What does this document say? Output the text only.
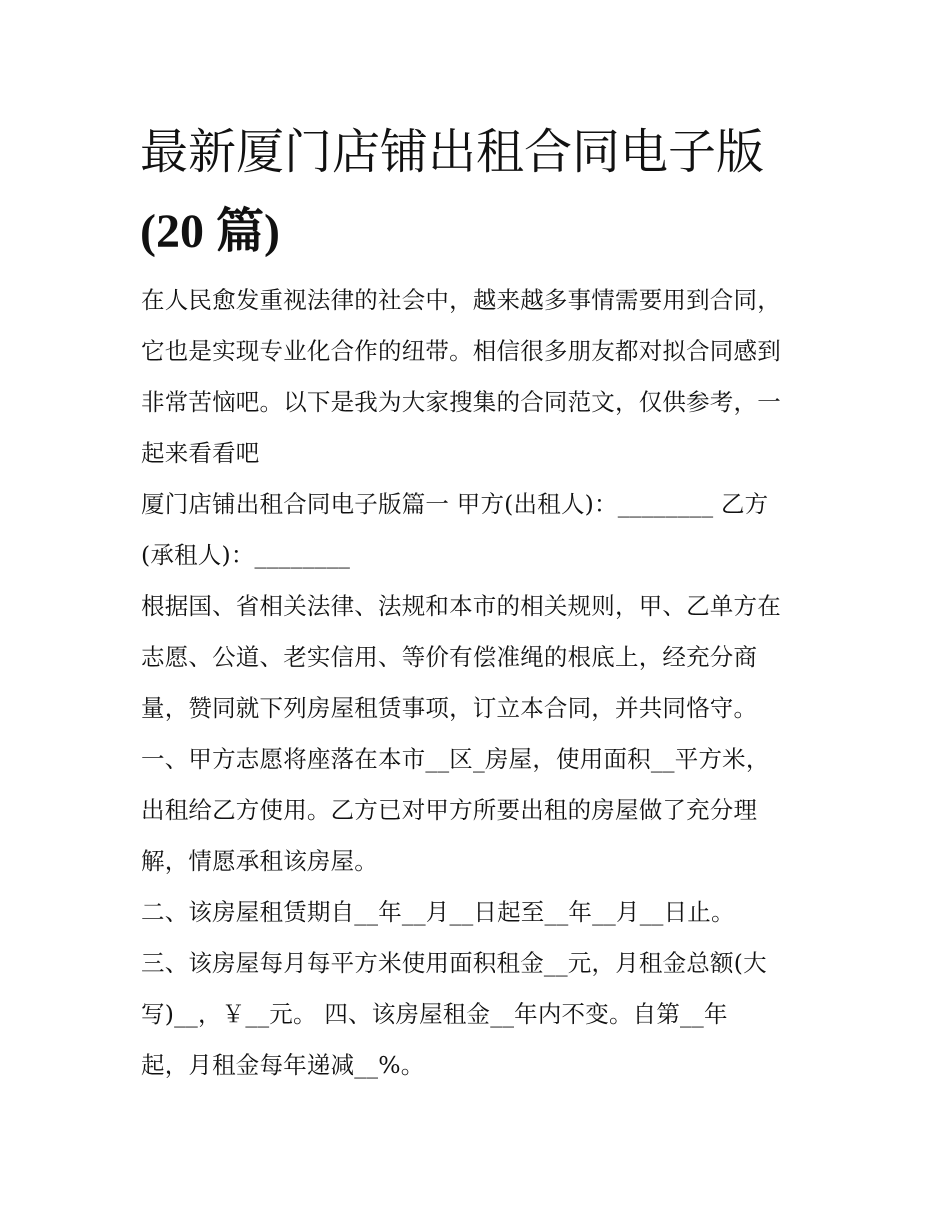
最新厦门店铺出租合同电子版
(20 篇)
在人民愈发重视法律的社会中，越来越多事情需要用到合同，
它也是实现专业化合作的纽带。相信很多朋友都对拟合同感到
非常苦恼吧。以下是我为大家搜集的合同范文，仅供参考，一
起来看看吧
厦门店铺出租合同电子版篇一 甲方(出租人)：________ 乙方
(承租人)：________
根据国、省相关法律、法规和本市的相关规则，甲、乙单方在
志愿、公道、老实信用、等价有偿准绳的根底上，经充分商
量，赞同就下列房屋租赁事项，订立本合同，并共同恪守。
一、甲方志愿将座落在本市__区_房屋，使用面积__平方米，
出租给乙方使用。乙方已对甲方所要出租的房屋做了充分理
解，情愿承租该房屋。
二、该房屋租赁期自__年__月__日起至__年__月__日止。
三、该房屋每月每平方米使用面积租金__元，月租金总额(大
写)__，￥__元。 四、该房屋租金__年内不变。自第__年
起，月租金每年递减__%。
